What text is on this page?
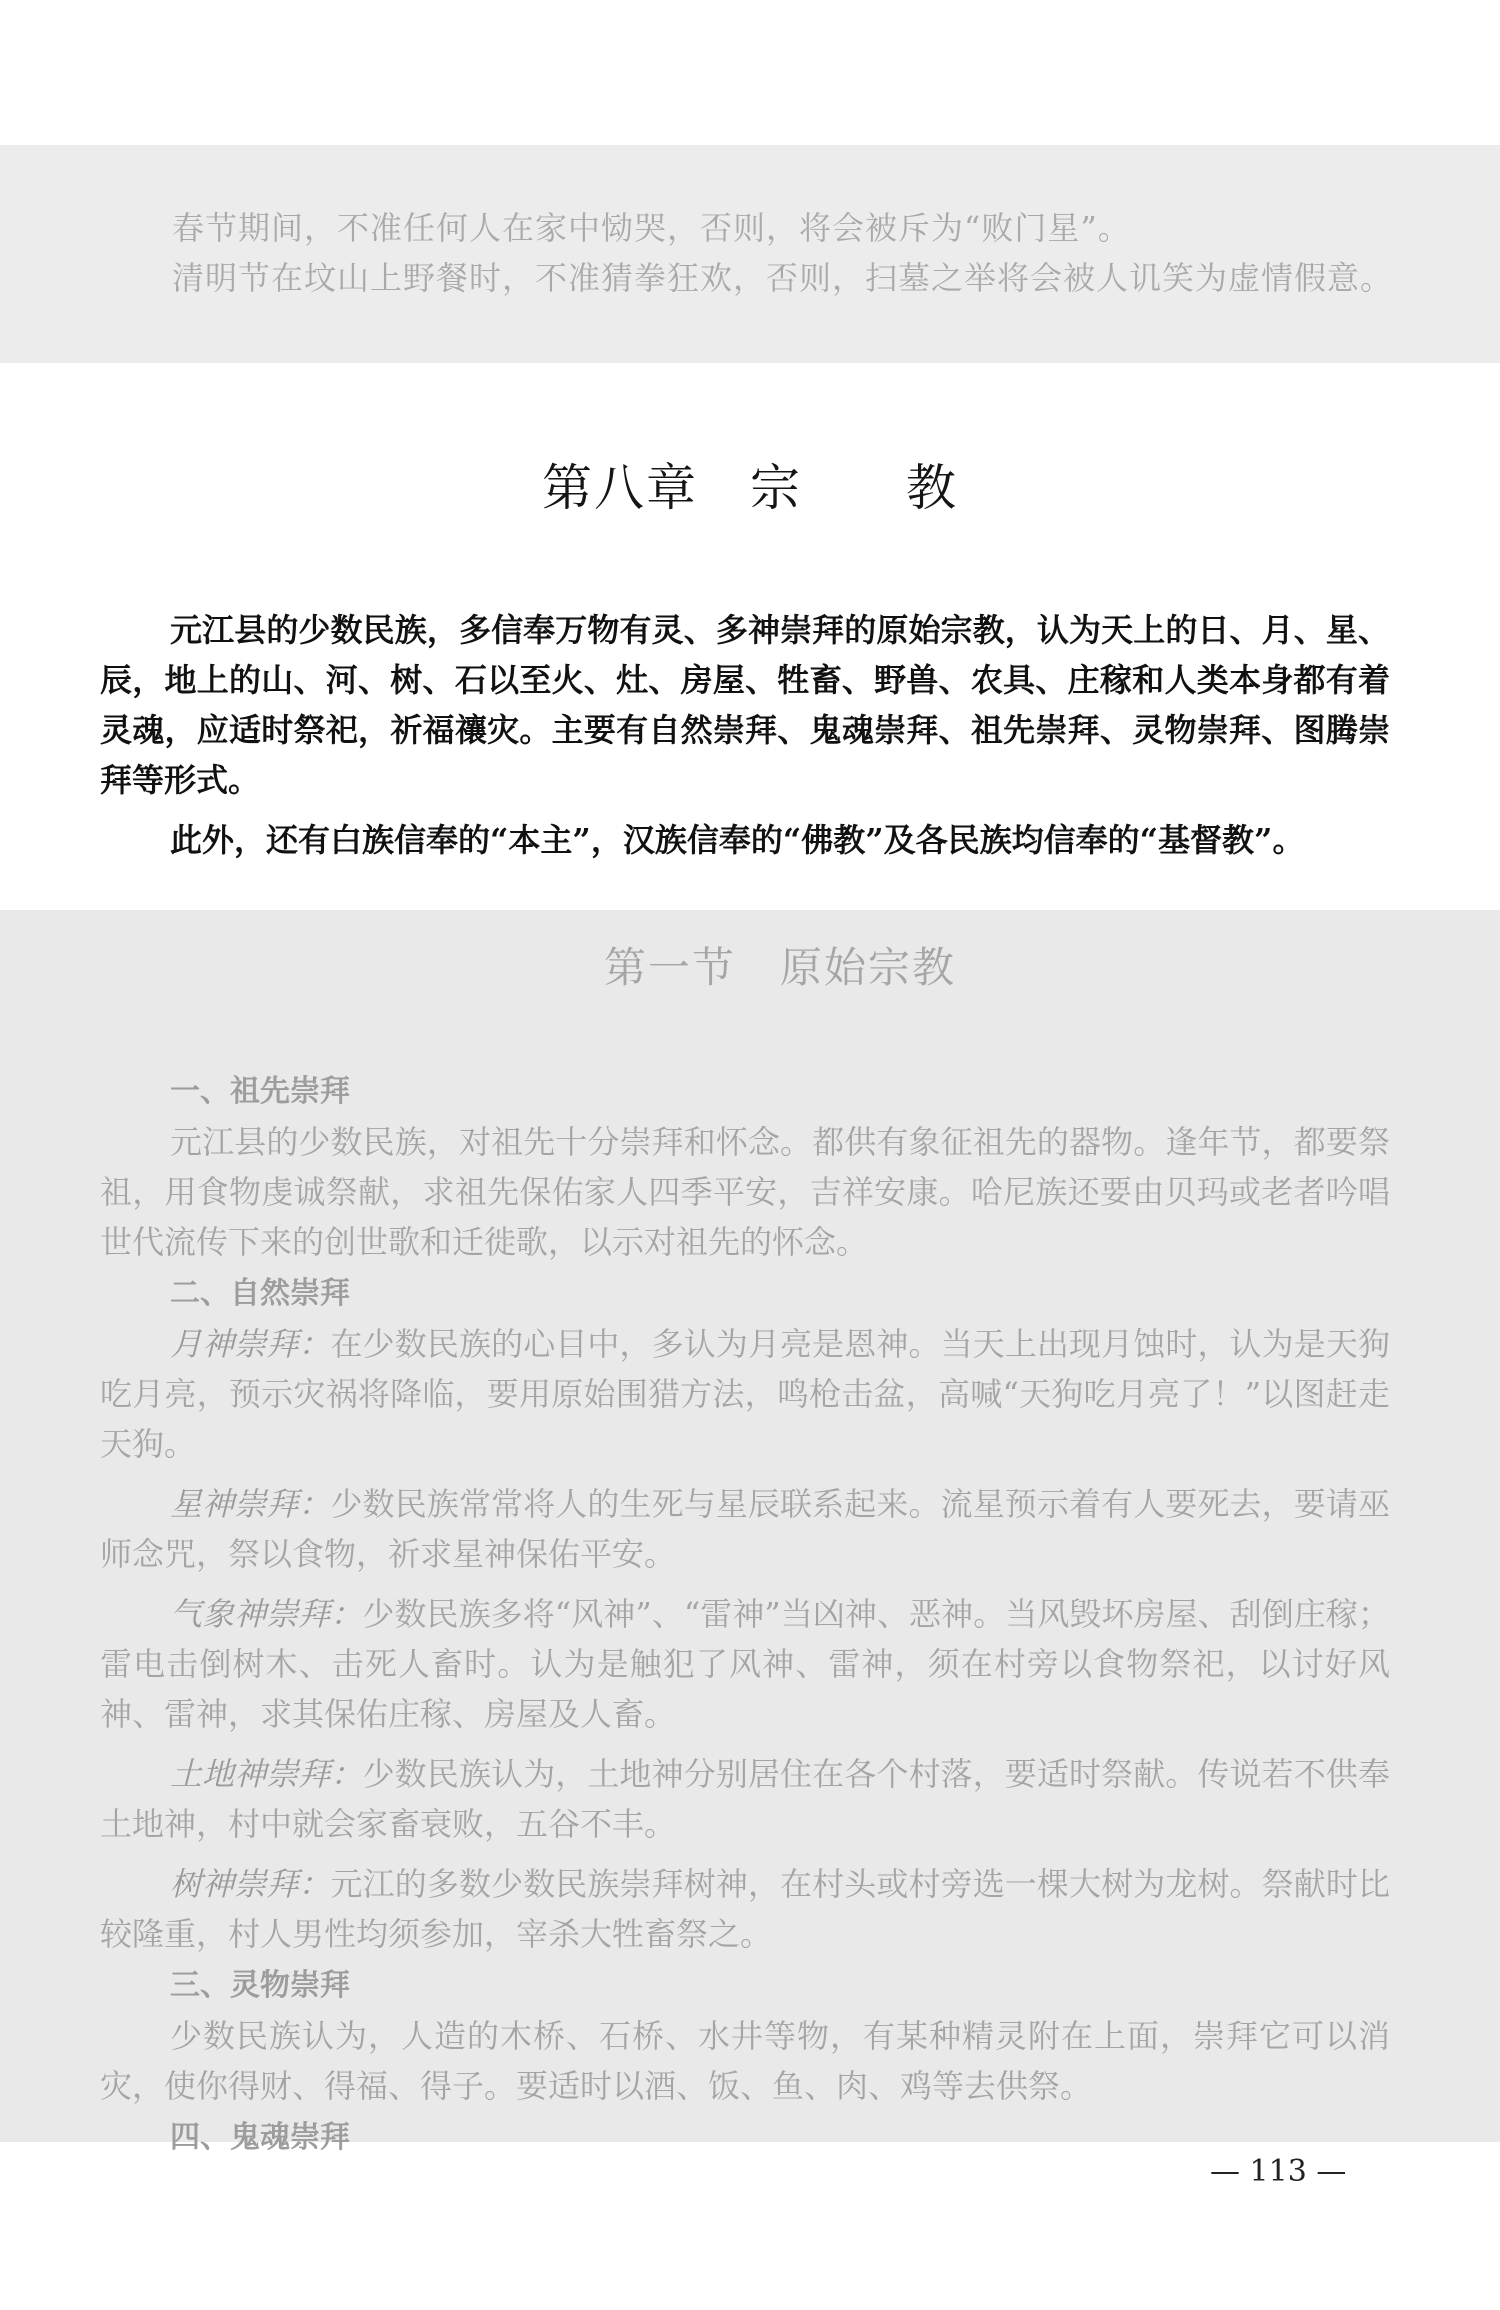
春节期间，不准任何人在家中恸哭，否则，将会被斥为“败门星”。

清明节在坟山上野餐时，不准猜拳狂欢，否则，扫墓之举将会被人讥笑为虚情假意。

第八章　宗　　教

元江县的少数民族，多信奉万物有灵、多神崇拜的原始宗教，认为天上的日、月、星、辰，地上的山、河、树、石以至火、灶、房屋、牲畜、野兽、农具、庄稼和人类本身都有着灵魂，应适时祭祀，祈福禳灾。主要有自然崇拜、鬼魂崇拜、祖先崇拜、灵物崇拜、图腾崇拜等形式。

此外，还有白族信奉的“本主”，汉族信奉的“佛教”及各民族均信奉的“基督教”。

第一节　原始宗教
一、祖先崇拜

元江县的少数民族，对祖先十分崇拜和怀念。都供有象征祖先的器物。逢年节，都要祭祖，用食物虔诚祭献，求祖先保佑家人四季平安，吉祥安康。哈尼族还要由贝玛或老者吟唱世代流传下来的创世歌和迁徙歌，以示对祖先的怀念。

二、自然崇拜

月神崇拜：在少数民族的心目中，多认为月亮是恩神。当天上出现月蚀时，认为是天狗吃月亮，预示灾祸将降临，要用原始围猎方法，鸣枪击盆，高喊“天狗吃月亮了！”以图赶走天狗。

星神崇拜：少数民族常常将人的生死与星辰联系起来。流星预示着有人要死去，要请巫师念咒，祭以食物，祈求星神保佑平安。

气象神崇拜：少数民族多将“风神”、“雷神”当凶神、恶神。当风毁坏房屋、刮倒庄稼；雷电击倒树木、击死人畜时。认为是触犯了风神、雷神，须在村旁以食物祭祀，以讨好风神、雷神，求其保佑庄稼、房屋及人畜。

土地神崇拜：少数民族认为，土地神分别居住在各个村落，要适时祭献。传说若不供奉土地神，村中就会家畜衰败，五谷不丰。

树神崇拜：元江的多数少数民族崇拜树神，在村头或村旁选一棵大树为龙树。祭献时比较隆重，村人男性均须参加，宰杀大牲畜祭之。

三、灵物崇拜

少数民族认为，人造的木桥、石桥、水井等物，有某种精灵附在上面，崇拜它可以消灾，使你得财、得福、得子。要适时以酒、饭、鱼、肉、鸡等去供祭。

四、鬼魂崇拜
— 113 —
